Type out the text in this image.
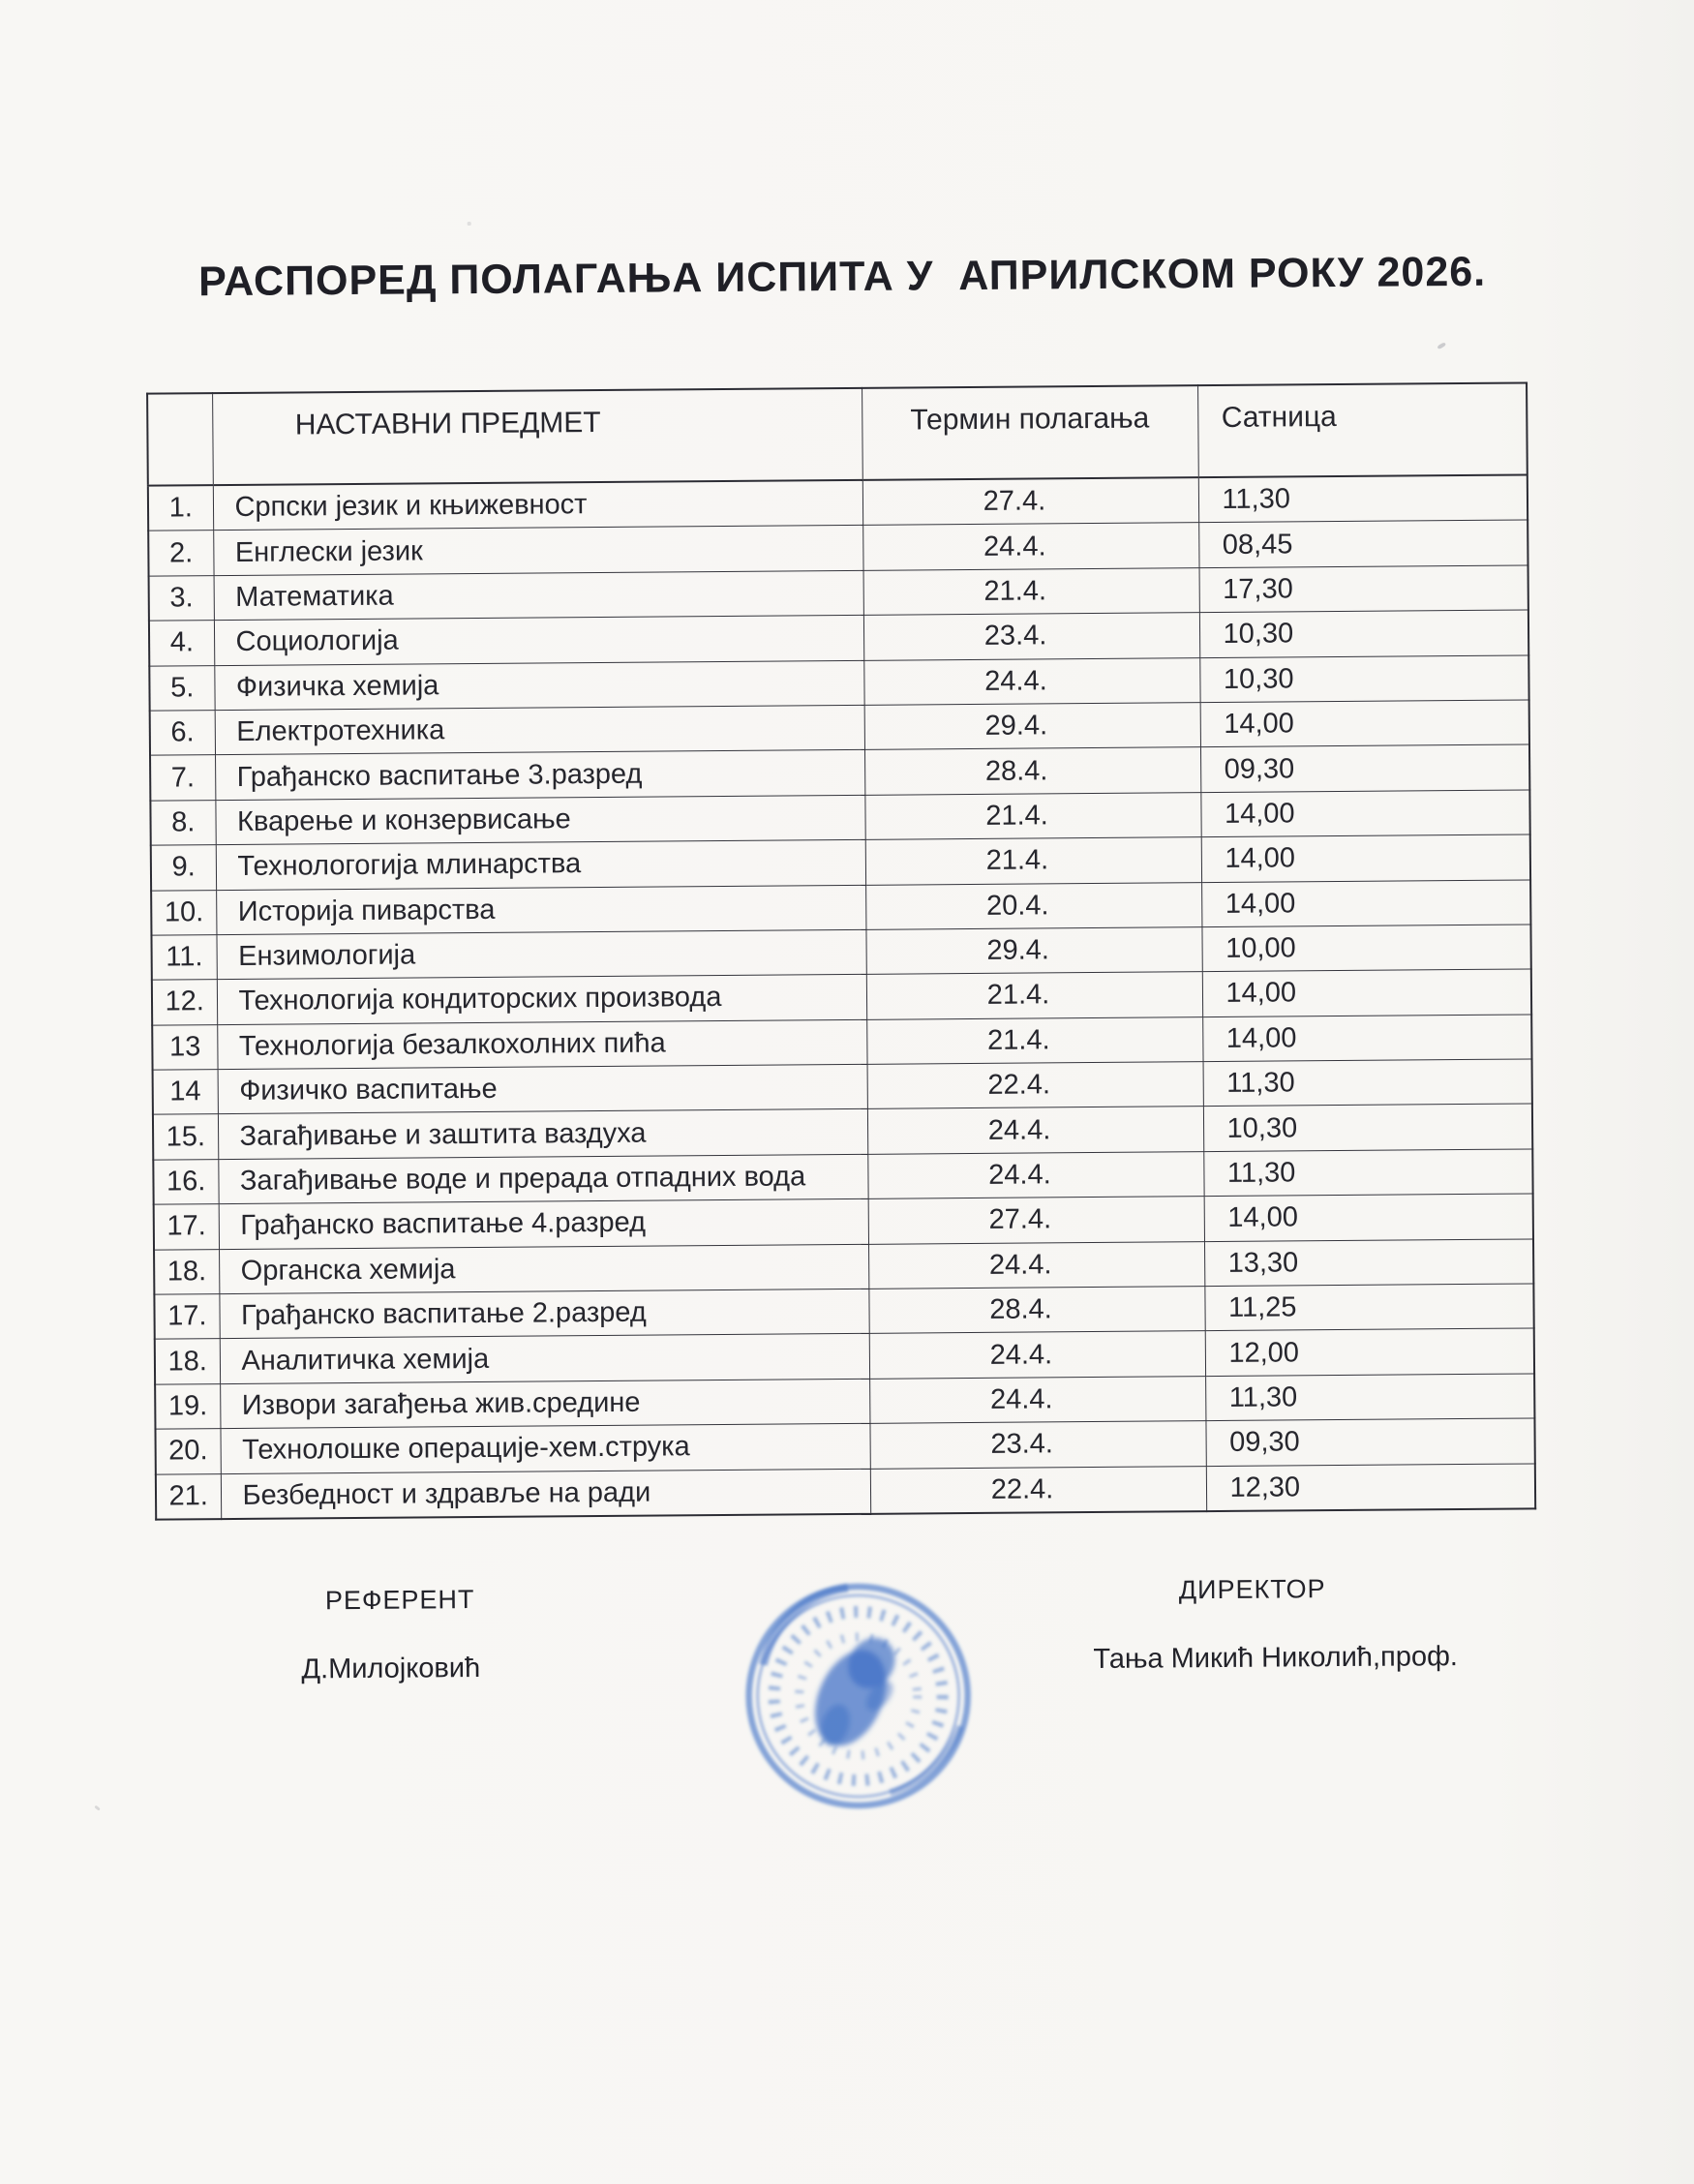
РАСПОРЕД ПОЛАГАЊА ИСПИТА У  АПРИЛСКОМ РОКУ 2026.
	НАСТАВНИ ПРЕДМЕТ	Термин полагања	Сатница
1.	Српски језик и књижевност	27.4.	11,30
2.	Енглески језик	24.4.	08,45
3.	Математика	21.4.	17,30
4.	Социологија	23.4.	10,30
5.	Физичка хемија	24.4.	10,30
6.	Електротехника	29.4.	14,00
7.	Грађанско васпитање 3.разред	28.4.	09,30
8.	Кварење и конзервисање	21.4.	14,00
9.	Технологогија млинарства	21.4.	14,00
10.	Историја пиварства	20.4.	14,00
11.	Ензимологија	29.4.	10,00
12.	Технологија кондиторских производа	21.4.	14,00
13	Технологија безалкохолних пића	21.4.	14,00
14	Физичко васпитање	22.4.	11,30
15.	Загађивање и заштита ваздуха	24.4.	10,30
16.	Загађивање воде и прерада отпадних вода	24.4.	11,30
17.	Грађанско васпитање 4.разред	27.4.	14,00
18.	Органска хемија	24.4.	13,30
17.	Грађанско васпитање 2.разред	28.4.	11,25
18.	Аналитичка хемија	24.4.	12,00
19.	Извори загађења жив.средине	24.4.	11,30
20.	Технолошке операције-хем.струка	23.4.	09,30
21.	Безбедност и здравље на ради	22.4.	12,30
РЕФЕРЕНТ
Д.Милојковић
ДИРЕКТОР
Тања Микић Николић,проф.
